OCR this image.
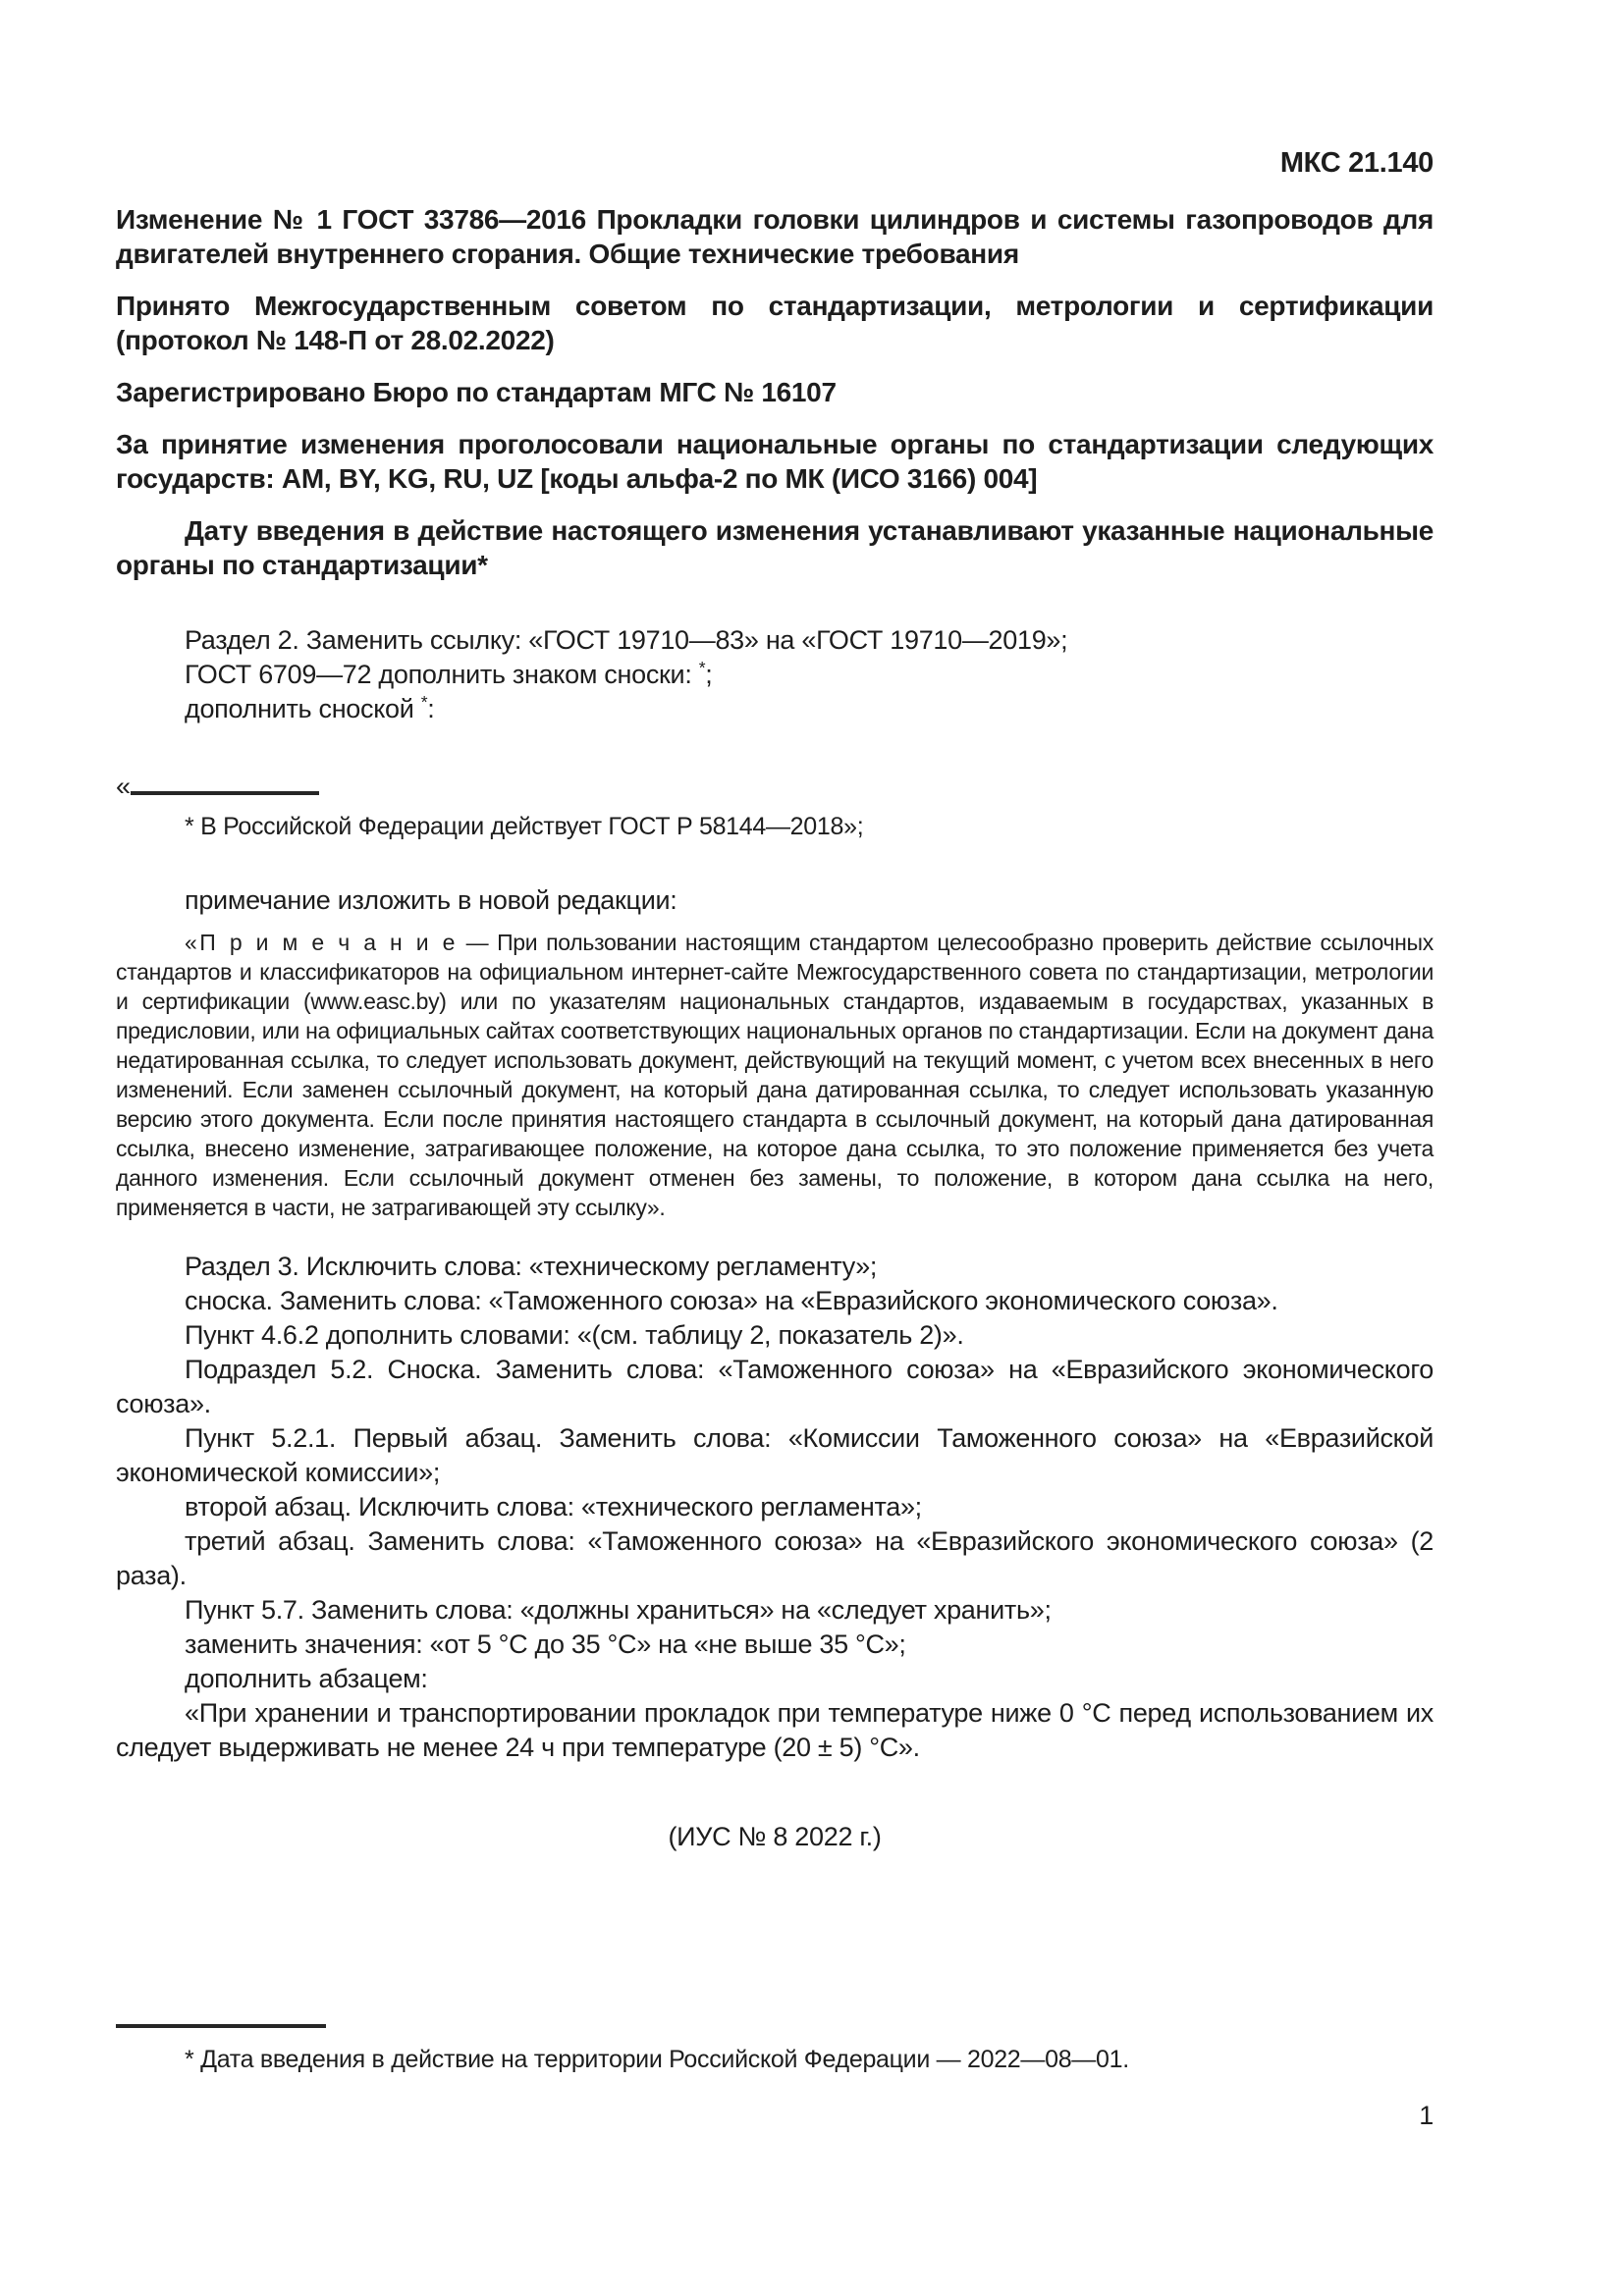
МКС 21.140

Изменение № 1 ГОСТ 33786—2016 Прокладки головки цилиндров и системы газопроводов для двигателей внутреннего сгорания. Общие технические требования

Принято Межгосударственным советом по стандартизации, метрологии и сертификации (протокол № 148-П от 28.02.2022)

Зарегистрировано Бюро по стандартам МГС № 16107

За принятие изменения проголосовали национальные органы по стандартизации следующих государств: AM, BY, KG, RU, UZ [коды альфа-2 по МК (ИСО 3166) 004]

Дату введения в действие настоящего изменения устанавливают указанные национальные органы по стандартизации*

Раздел 2. Заменить ссылку: «ГОСТ 19710—83» на «ГОСТ 19710—2019»;

ГОСТ 6709—72 дополнить знаком сноски: *;

дополнить сноской *:

«

* В Российской Федерации действует ГОСТ Р 58144—2018»;

примечание изложить в новой редакции:

«П р и м е ч а н и е — При пользовании настоящим стандартом целесообразно проверить действие ссылочных стандартов и классификаторов на официальном интернет-сайте Межгосударственного совета по стандартизации, метрологии и сертификации (www.easc.by) или по указателям национальных стандартов, издаваемым в государствах, указанных в предисловии, или на официальных сайтах соответствующих национальных органов по стандартизации. Если на документ дана недатированная ссылка, то следует использовать документ, действующий на текущий момент, с учетом всех внесенных в него изменений. Если заменен ссылочный документ, на который дана датированная ссылка, то следует использовать указанную версию этого документа. Если после принятия настоящего стандарта в ссылочный документ, на который дана датированная ссылка, внесено изменение, затрагивающее положение, на которое дана ссылка, то это положение применяется без учета данного изменения. Если ссылочный документ отменен без замены, то положение, в котором дана ссылка на него, применяется в части, не затрагивающей эту ссылку».

Раздел 3. Исключить слова: «техническому регламенту»;

сноска. Заменить слова: «Таможенного союза» на «Евразийского экономического союза».

Пункт 4.6.2 дополнить словами: «(см. таблицу 2, показатель 2)».

Подраздел 5.2. Сноска. Заменить слова: «Таможенного союза» на «Евразийского экономического союза».

Пункт 5.2.1. Первый абзац. Заменить слова: «Комиссии Таможенного союза» на «Евразийской экономической комиссии»;

второй абзац. Исключить слова: «технического регламента»;

третий абзац. Заменить слова: «Таможенного союза» на «Евразийского экономического союза» (2 раза).

Пункт 5.7. Заменить слова: «должны храниться» на «следует хранить»;

заменить значения: «от 5 °С до 35 °С» на «не выше 35 °С»;

дополнить абзацем:

«При хранении и транспортировании прокладок при температуре ниже 0 °С перед использованием их следует выдерживать не менее 24 ч при температуре (20 ± 5) °С».

(ИУС № 8 2022 г.)

* Дата введения в действие на территории Российской Федерации — 2022—08—01.

1
